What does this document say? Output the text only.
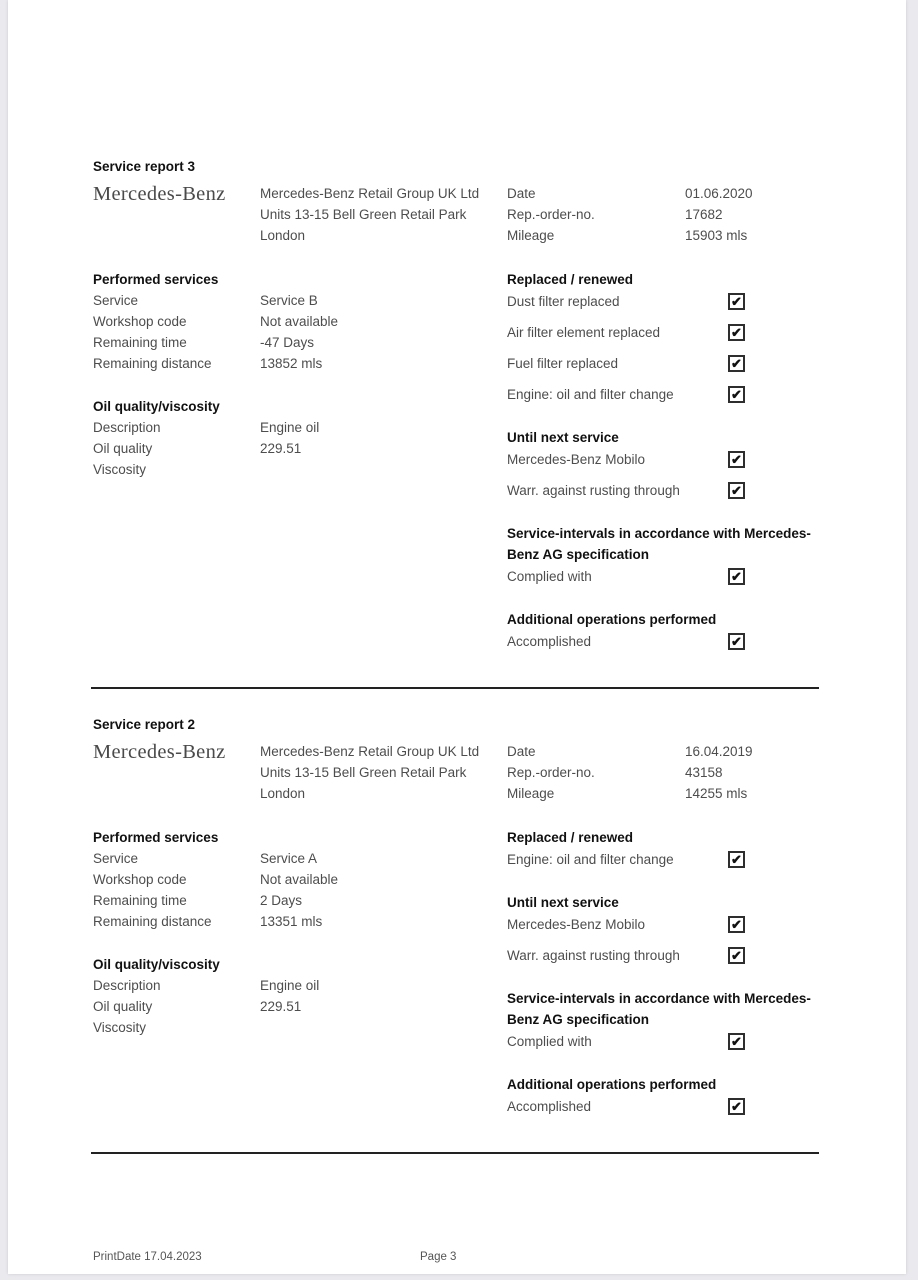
Service report 3
Mercedes-Benz	Mercedes-Benz Retail Group UK Ltd
Units 13-15 Bell Green Retail Park
London
Date	01.06.2020
Rep.-order-no.	17682
Mileage	15903 mls
Performed services
Service	Service B
Workshop code	Not available
Remaining time	-47 Days
Remaining distance	13852 mls
Oil quality/viscosity
Description	Engine oil
Oil quality	229.51
Viscosity
Replaced / renewed
Dust filter replaced	✔
Air filter element replaced	✔
Fuel filter replaced	✔
Engine: oil and filter change	✔
Until next service
Mercedes-Benz Mobilo	✔
Warr. against rusting through	✔
Service-intervals in accordance with Mercedes-Benz AG specification
Complied with	✔
Additional operations performed
Accomplished	✔
Service report 2
Mercedes-Benz	Mercedes-Benz Retail Group UK Ltd
Units 13-15 Bell Green Retail Park
London
Date	16.04.2019
Rep.-order-no.	43158
Mileage	14255 mls
Performed services
Service	Service A
Workshop code	Not available
Remaining time	2 Days
Remaining distance	13351 mls
Oil quality/viscosity
Description	Engine oil
Oil quality	229.51
Viscosity
Replaced / renewed
Engine: oil and filter change	✔
Until next service
Mercedes-Benz Mobilo	✔
Warr. against rusting through	✔
Service-intervals in accordance with Mercedes-Benz AG specification
Complied with	✔
Additional operations performed
Accomplished	✔
PrintDate 17.04.2023	Page 3
